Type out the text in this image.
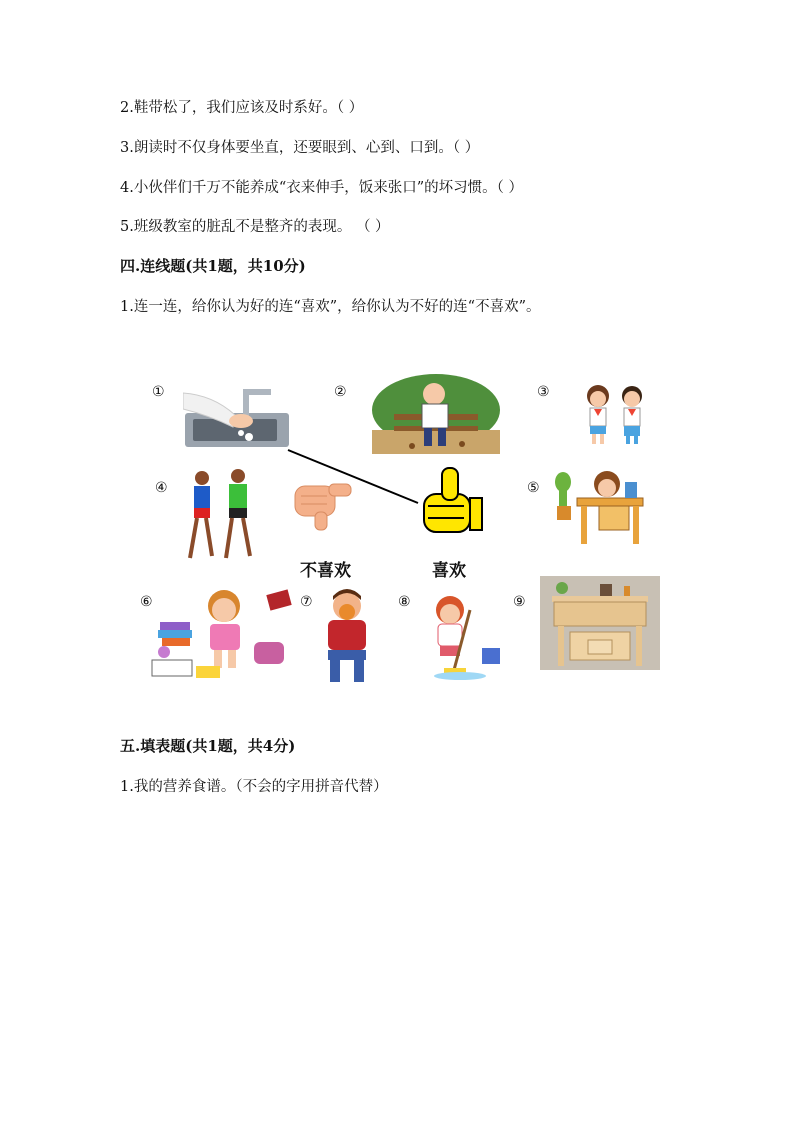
2.鞋带松了，我们应该及时系好。（ ）
3.朗读时不仅身体要坐直，还要眼到、心到、口到。（ ）
4.小伙伴们千万不能养成“衣来伸手，饭来张口”的坏习惯。（ ）
5.班级教室的脏乱不是整齐的表现。 （ ）
四.连线题(共1题，共10分)
1.连一连，给你认为好的连“喜欢”，给你认为不好的连“不喜欢”。
①	②	③
④	⑤
⑥	⑦	⑧	⑨
不喜欢	喜欢
五.填表题(共1题，共4分)
1.我的营养食谱。（不会的字用拼音代替）
